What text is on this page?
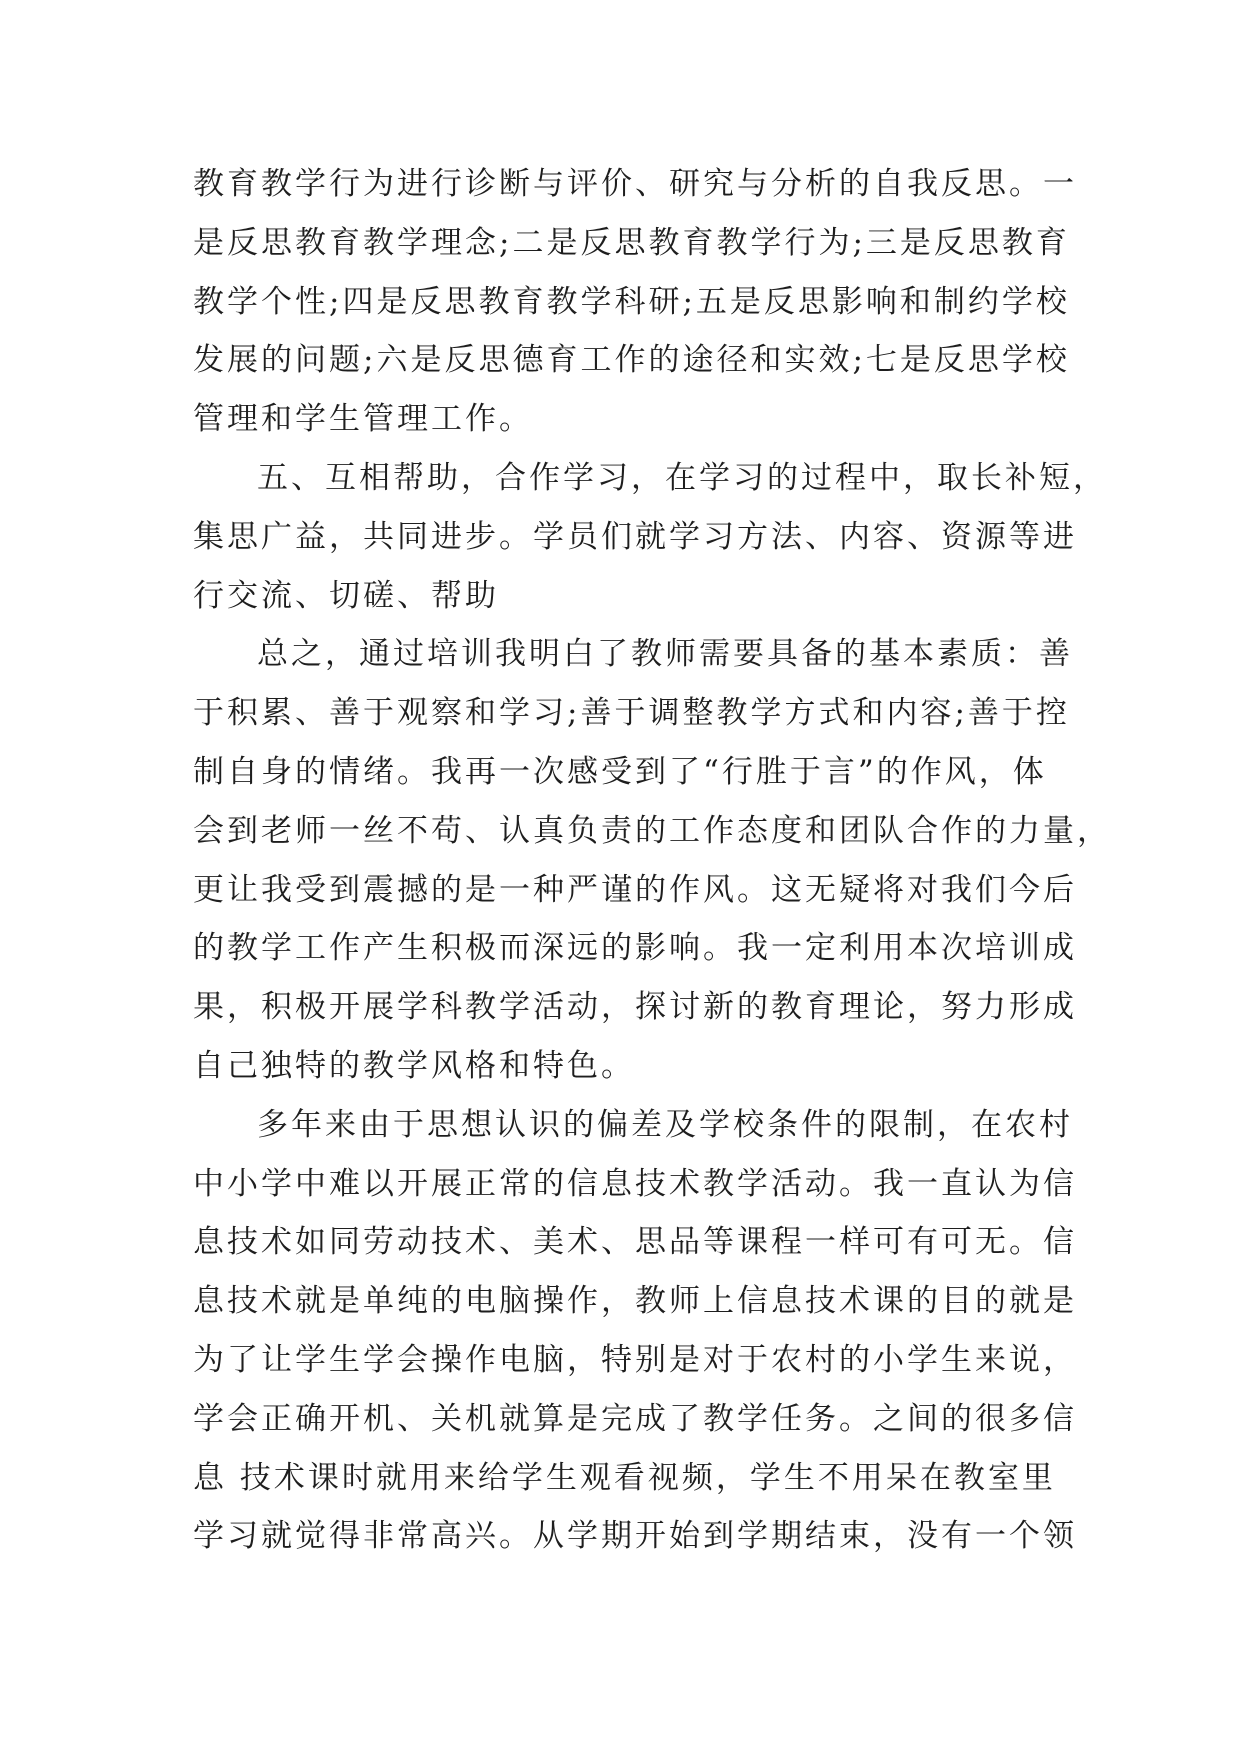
教育教学行为进行诊断与评价、研究与分析的自我反思。一
是反思教育教学理念;二是反思教育教学行为;三是反思教育
教学个性;四是反思教育教学科研;五是反思影响和制约学校
发展的问题;六是反思德育工作的途径和实效;七是反思学校
管理和学生管理工作。
五、互相帮助，合作学习，在学习的过程中，取长补短，
集思广益，共同进步。学员们就学习方法、内容、资源等进
行交流、切磋、帮助
总之，通过培训我明白了教师需要具备的基本素质：善
于积累、善于观察和学习;善于调整教学方式和内容;善于控
制自身的情绪。我再一次感受到了“行胜于言”的作风，体
会到老师一丝不苟、认真负责的工作态度和团队合作的力量，
更让我受到震撼的是一种严谨的作风。这无疑将对我们今后
的教学工作产生积极而深远的影响。我一定利用本次培训成
果，积极开展学科教学活动，探讨新的教育理论，努力形成
自己独特的教学风格和特色。
多年来由于思想认识的偏差及学校条件的限制，在农村
中小学中难以开展正常的信息技术教学活动。我一直认为信
息技术如同劳动技术、美术、思品等课程一样可有可无。信
息技术就是单纯的电脑操作，教师上信息技术课的目的就是
为了让学生学会操作电脑，特别是对于农村的小学生来说，
学会正确开机、关机就算是完成了教学任务。之间的很多信
息 技术课时就用来给学生观看视频，学生不用呆在教室里
学习就觉得非常高兴。从学期开始到学期结束，没有一个领
